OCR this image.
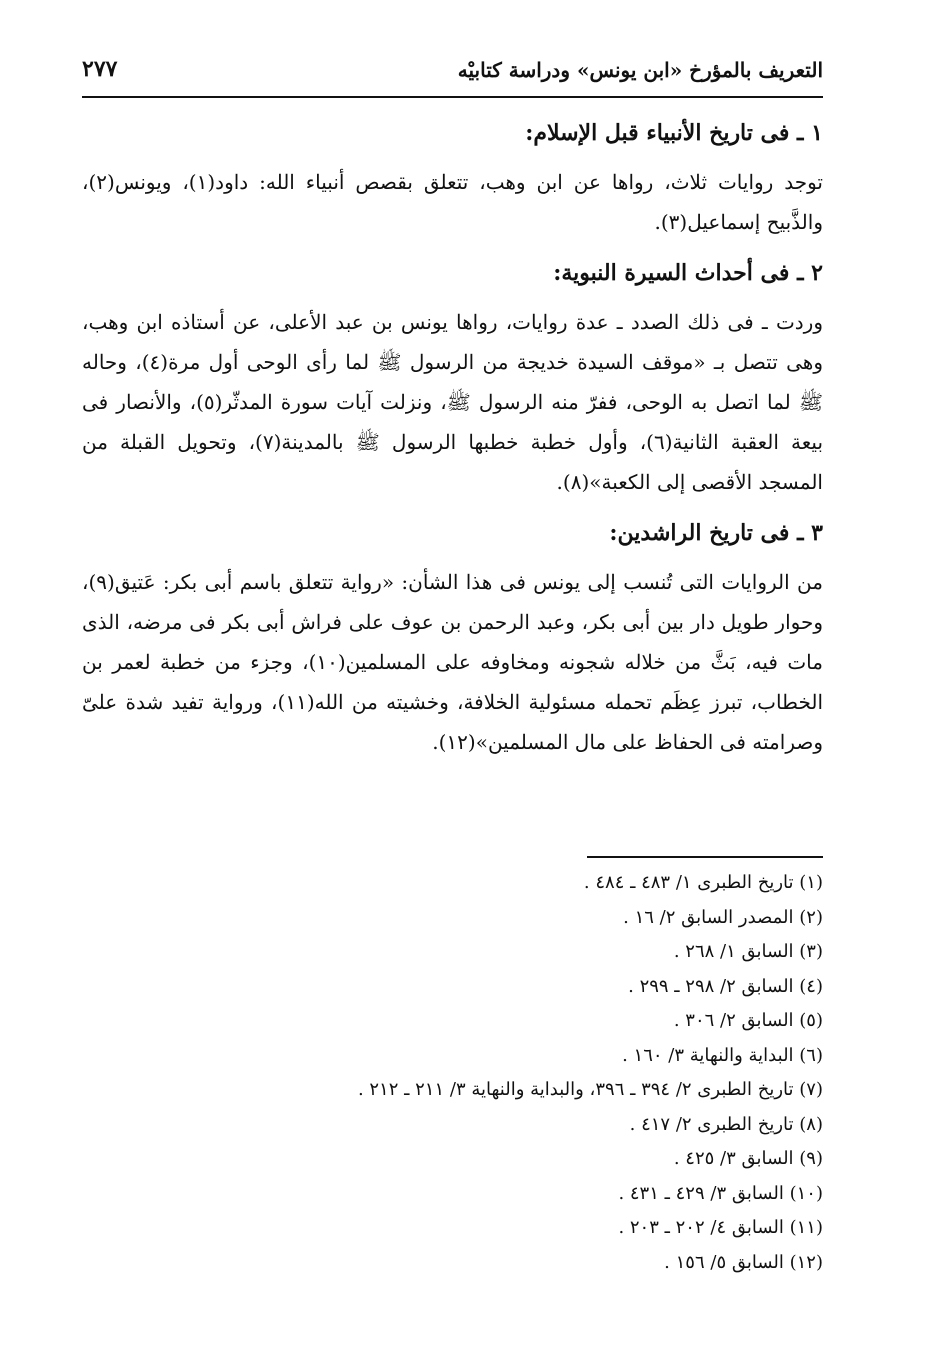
التعريف بالمؤرخ «ابن يونس» ودراسة كتابيْه
٢٧٧
١ ـ فى تاريخ الأنبياء قبل الإسلام:

توجد روايات ثلاث، رواها عن ابن وهب، تتعلق بقصص أنبياء الله: داود(١)، ويونس(٢)، والذَّبيح إسماعيل(٣).

٢ ـ فى أحداث السيرة النبوية:

وردت ـ فى ذلك الصدد ـ عدة روايات، رواها يونس بن عبد الأعلى، عن أستاذه ابن وهب، وهى تتصل بـ «موقف السيدة خديجة من الرسول ﷺ لما رأى الوحى أول مرة(٤)، وحاله ﷺ لما اتصل به الوحى، ففرّ منه الرسول ﷺ، ونزلت آيات سورة المدثّر(٥)، والأنصار فى بيعة العقبة الثانية(٦)، وأول خطبة خطبها الرسول ﷺ بالمدينة(٧)، وتحويل القبلة من المسجد الأقصى إلى الكعبة»(٨).

٣ ـ فى تاريخ الراشدين:

من الروايات التى تُنسب إلى يونس فى هذا الشأن: «رواية تتعلق باسم أبى بكر: عَتيق(٩)، وحوار طويل دار بين أبى بكر، وعبد الرحمن بن عوف على فراش أبى بكر فى مرضه، الذى مات فيه، بَثَّ من خلاله شجونه ومخاوفه على المسلمين(١٠)، وجزء من خطبة لعمر بن الخطاب، تبرز عِظَم تحمله مسئولية الخلافة، وخشيته من الله(١١)، ورواية تفيد شدة علىّ وصرامته فى الحفاظ على مال المسلمين»(١٢).

(١) تاريخ الطبرى ١/ ٤٨٣ ـ ٤٨٤ .
(٢) المصدر السابق ٢/ ١٦ .
(٣) السابق ١/ ٢٦٨ .
(٤) السابق ٢/ ٢٩٨ ـ ٢٩٩ .
(٥) السابق ٢/ ٣٠٦ .
(٦) البداية والنهاية ٣/ ١٦٠ .
(٧) تاريخ الطبرى ٢/ ٣٩٤ ـ ٣٩٦، والبداية والنهاية ٣/ ٢١١ ـ ٢١٢ .
(٨) تاريخ الطبرى ٢/ ٤١٧ .
(٩) السابق ٣/ ٤٢٥ .
(١٠) السابق ٣/ ٤٢٩ ـ ٤٣١ .
(١١) السابق ٤/ ٢٠٢ ـ ٢٠٣ .
(١٢) السابق ٥/ ١٥٦ .
